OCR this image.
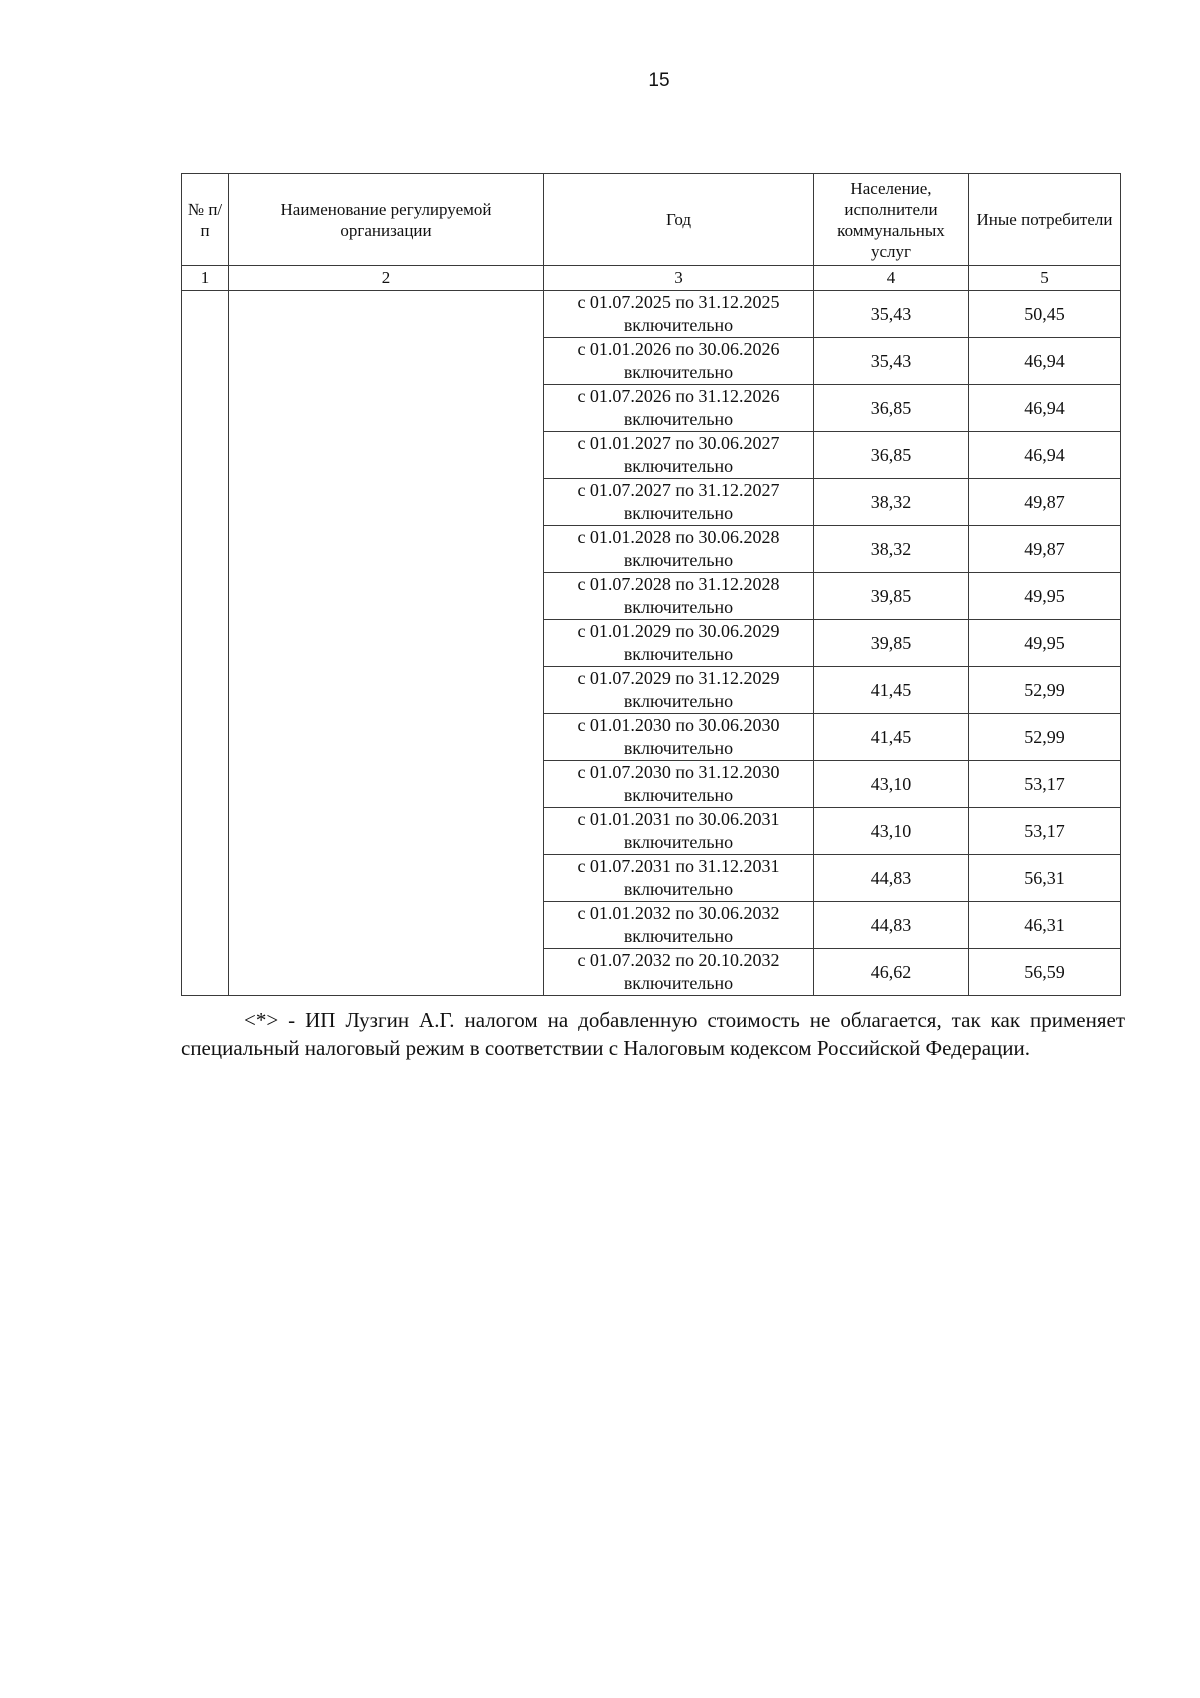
15
№ п/п	Наименование регулируемой организации	Год	Население, исполнители коммунальных услуг	Иные потребители
1	2	3	4	5
		с 01.07.2025 по 31.12.2025 включительно	35,43	50,45
		с 01.01.2026 по 30.06.2026 включительно	35,43	46,94
		с 01.07.2026 по 31.12.2026 включительно	36,85	46,94
		с 01.01.2027 по 30.06.2027 включительно	36,85	46,94
		с 01.07.2027 по 31.12.2027 включительно	38,32	49,87
		с 01.01.2028 по 30.06.2028 включительно	38,32	49,87
		с 01.07.2028 по 31.12.2028 включительно	39,85	49,95
		с 01.01.2029 по 30.06.2029 включительно	39,85	49,95
		с 01.07.2029 по 31.12.2029 включительно	41,45	52,99
		с 01.01.2030 по 30.06.2030 включительно	41,45	52,99
		с 01.07.2030 по 31.12.2030 включительно	43,10	53,17
		с 01.01.2031 по 30.06.2031 включительно	43,10	53,17
		с 01.07.2031 по 31.12.2031 включительно	44,83	56,31
		с 01.01.2032 по 30.06.2032 включительно	44,83	46,31
		с 01.07.2032 по 20.10.2032 включительно	46,62	56,59

<*> - ИП Лузгин А.Г. налогом на добавленную стоимость не облагается, так как применяет специальный налоговый режим в соответствии с Налоговым кодексом Российской Федерации.
